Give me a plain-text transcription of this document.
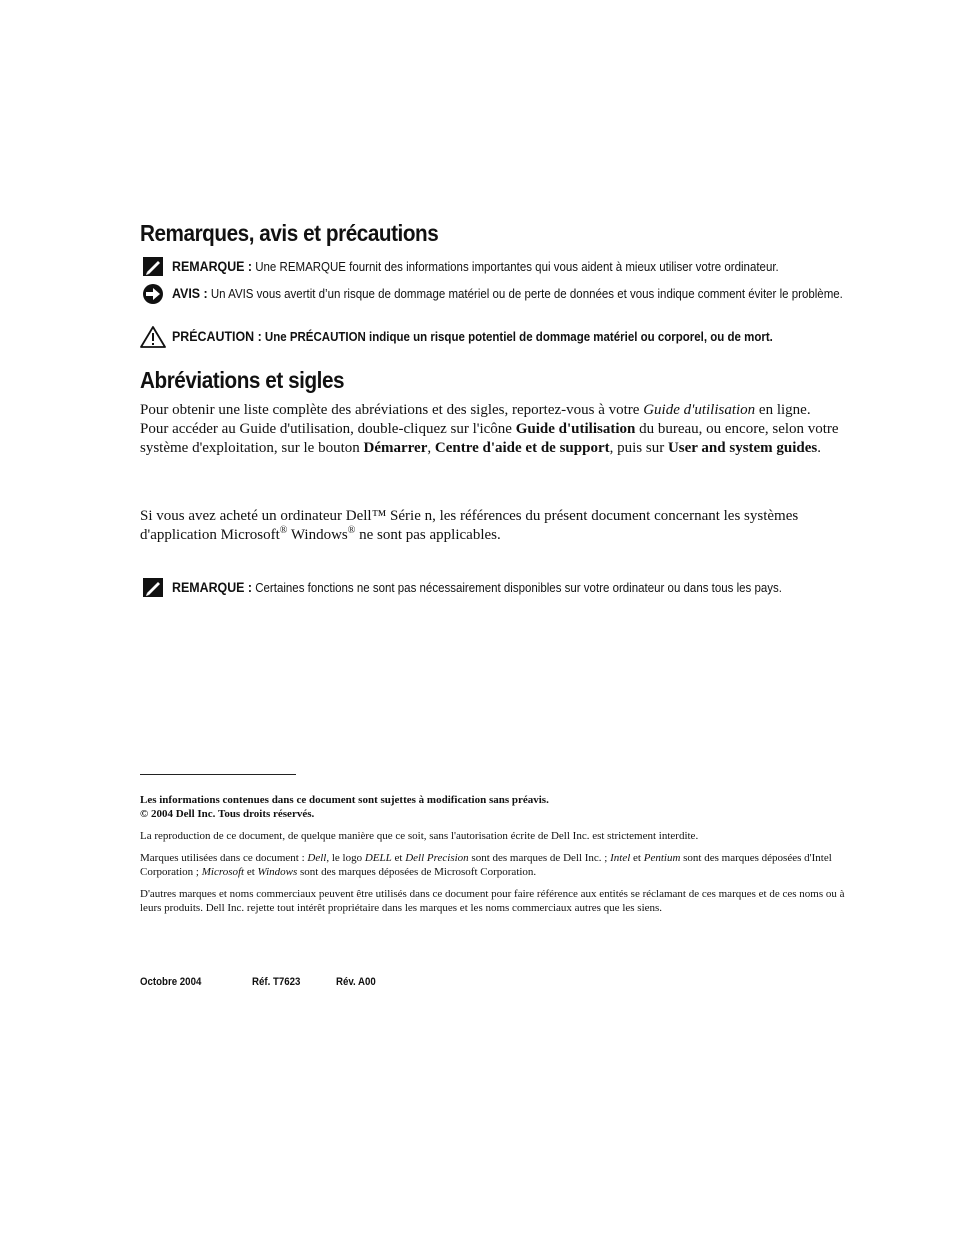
Remarques, avis et précautions
REMARQUE : Une REMARQUE fournit des informations importantes qui vous aident à mieux utiliser votre ordinateur.
AVIS : Un AVIS vous avertit d’un risque de dommage matériel ou de perte de données et vous indique comment éviter le problème.
PRÉCAUTION : Une PRÉCAUTION indique un risque potentiel de dommage matériel ou corporel, ou de mort.
Abréviations et sigles
Pour obtenir une liste complète des abréviations et des sigles, reportez-vous à votre Guide d'utilisation en ligne. Pour accéder au Guide d'utilisation, double-cliquez sur l'icône Guide d'utilisation du bureau, ou encore, selon votre système d'exploitation, sur le bouton Démarrer, Centre d'aide et de support, puis sur User and system guides.
Si vous avez acheté un ordinateur Dell™ Série n, les références du présent document concernant les systèmes d'application Microsoft® Windows® ne sont pas applicables.
REMARQUE : Certaines fonctions ne sont pas nécessairement disponibles sur votre ordinateur ou dans tous les pays.
Les informations contenues dans ce document sont sujettes à modification sans préavis.
© 2004 Dell Inc. Tous droits réservés.
La reproduction de ce document, de quelque manière que ce soit, sans l'autorisation écrite de Dell Inc. est strictement interdite.
Marques utilisées dans ce document : Dell, le logo DELL et Dell Precision sont des marques de Dell Inc. ; Intel et Pentium sont des marques déposées d'Intel Corporation ; Microsoft et Windows sont des marques déposées de Microsoft Corporation.
D'autres marques et noms commerciaux peuvent être utilisés dans ce document pour faire référence aux entités se réclamant de ces marques et de ces noms ou à leurs produits. Dell Inc. rejette tout intérêt propriétaire dans les marques et les noms commerciaux autres que les siens.
Octobre 2004	Réf. T7623	Rév. A00
